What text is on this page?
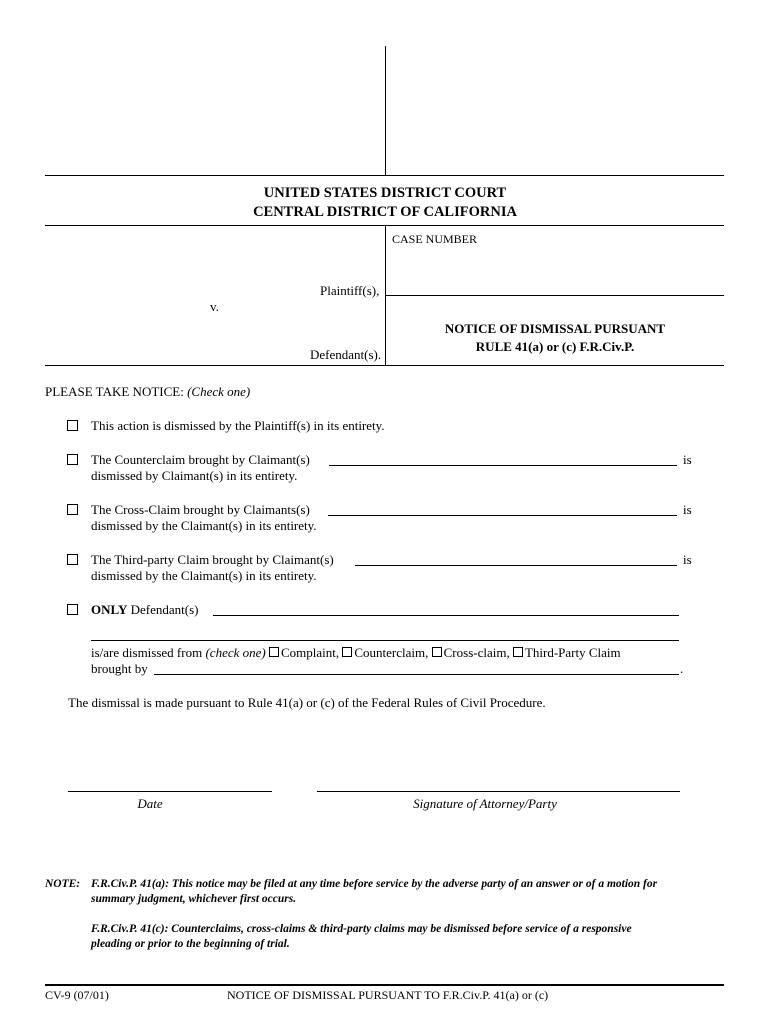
UNITED STATES DISTRICT COURT
CENTRAL DISTRICT OF CALIFORNIA
CASE NUMBER
Plaintiff(s),
v.
Defendant(s).
NOTICE OF DISMISSAL PURSUANT
RULE 41(a) or (c) F.R.Civ.P.
PLEASE TAKE NOTICE: (Check one)
This action is dismissed by the Plaintiff(s) in its entirety.
The Counterclaim brought by Claimant(s)	is
dismissed by Claimant(s) in its entirety.
The Cross-Claim brought by Claimants(s)	is
dismissed by the Claimant(s) in its entirety.
The Third-party Claim brought by Claimant(s)	is
dismissed by the Claimant(s) in its entirety.
ONLY Defendant(s)
is/are dismissed from (check one) Complaint, Counterclaim, Cross-claim, Third-Party Claim
brought by	.
The dismissal is made pursuant to Rule 41(a) or (c) of the Federal Rules of Civil Procedure.
Date	Signature of Attorney/Party
NOTE: F.R.Civ.P. 41(a): This notice may be filed at any time before service by the adverse party of an answer or of a motion for
summary judgment, whichever first occurs.
F.R.Civ.P. 41(c): Counterclaims, cross-claims & third-party claims may be dismissed before service of a responsive
pleading or prior to the beginning of trial.
CV-9 (07/01)	NOTICE OF DISMISSAL PURSUANT TO F.R.Civ.P. 41(a) or (c)
